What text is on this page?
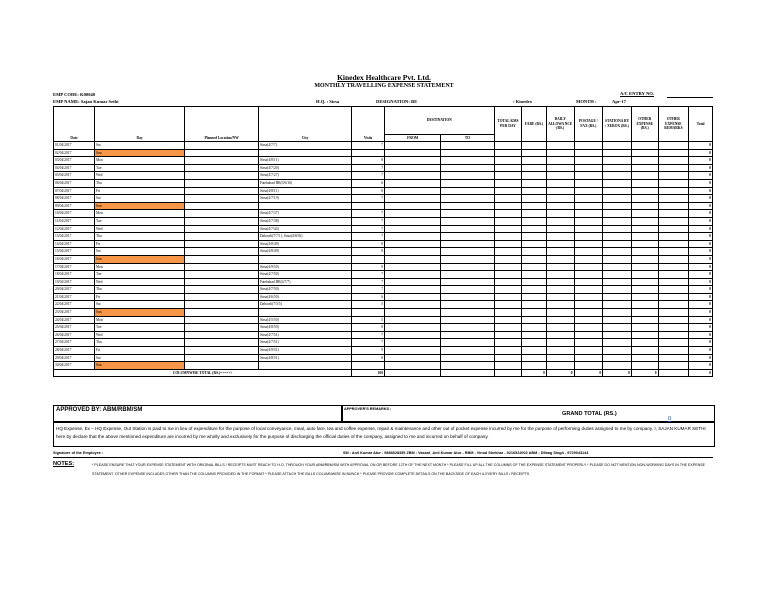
Kinedex Healthcare Pvt. Ltd.
MONTHLY TRAVELLING EXPENSE STATEMENT
EMP CODE: K00040
EMP NAME: Sajan Kumar Sethi
A/C ENTRY NO.
H.Q. : Sirsa	DESIGNATION: BE	: Kinedex	MONTH :	Apr-17
Date	Day	Planned Location/NW	City	Visits	DESTINATION		TOTAL KMS PER DAY	FARE (RS.)	DAILY ALLOWA NCE (RS.)	POSTAGE / FAX (RS.)	STATIONA RY / XEROX (RS.)	OTHER EXPENSE (RS.)	OTHER EXPENSE REMARKS	Total
					FROM	TO								
01/04/2017	Sat		Sirsa(4/7/7)	7										0
02/04/2017	Sun													0
03/04/2017	Mon		Sirsa(4/8/11)	8										0
04/04/2017	Tue		Sirsa(4/7/20)	7										0
05/04/2017	Wed		Sirsa(4/7/27)	7										0
06/04/2017	Thu		Fatehabad HR(3/6/16)	6										0
07/04/2017	Fri		Sirsa(4/8/11)	8										0
08/04/2017	Sat		Sirsa(4/7/19)	7										0
09/04/2017	Sun													0
10/04/2017	Mon		Sirsa(4/7/37)	7										0
11/04/2017	Tue		Sirsa(4/7/38)	7										0
12/04/2017	Wed		Sirsa(4/7/44)	7										0
13/04/2017	Thu		Dabwali(7/7/1), Sirsa(4/8/36)	7										0
14/04/2017	Fri		Sirsa(4/8/49)	8										0
15/04/2017	Sat		Sirsa(4/8/49)	8										0
16/04/2017	Sun													0
17/04/2017	Mon		Sirsa(4/9/50)	9										0
18/04/2017	Tue		Sirsa(4/7/50)	7										0
19/04/2017	Wed		Fatehabad HR(4/7/7)	7										0
20/04/2017	Thu		Sirsa(4/7/50)	7										0
21/04/2017	Fri		Sirsa(4/6/50)	6										0
22/04/2017	Sat		Dabwali(7/5/5)	5										0
23/04/2017	Sun													0
24/04/2017	Mon		Sirsa(4/5/50)	5										0
25/04/2017	Tue		Sirsa(4/8/50)	8										0
26/04/2017	Wed		Sirsa(4/7/51)	7										0
27/04/2017	Thu		Sirsa(4/7/51)	7										0
28/04/2017	Fri		Sirsa(4/9/51)	9										0
29/04/2017	Sat		Sirsa(4/8/51)	8										0
30/04/2017	Sun													0
COLUMNWISE TOTAL (RS.)====>>				169				0	0	0	0	0		0
APPROVED BY: ABM/RBM/SM	APPROVER'S REMARKS :
GRAND TOTAL (RS.)
0
HQ Expense, Ex – HQ Expense, Out Station is paid to me in lieu of expenditure for the purpose of local conveyance, meal, auto fare, tea and coffee expense, repair & maintenance and other out of pocket expense incurred by me for the purpose of performing duties assigned to me by company. I, SAJAN KUMAR SETHI here by declare that the above mentioned expenditure are incurred by me wholly and exclusively for the purpose of discharging the official duties of the company, assigned to me and incurred on behalf of company.
Signature of the Employee :	SM : Anil Kumar Atur - 9888028355 ZBM : Vasant_Anil Kumar Atur - RBM : Vinod Shekhar - 9216522002 ABM : Dilbag Singh - 9729043144
NOTES:	* PLEASE ENSURE THAT YOUR EXPENSE STATEMENT WITH ORIGINAL BILLS / RECEIPTS MUST REACH TO H.O. THROUGH YOUR ABM/RBM/SM WITH APPROVAL ON OR BEFORE 12TH OF THE NEXT MONTH * PLEASE FILL UP ALL THE COLUMNS OF THE EXPENSE STATEMENT PROPERLY * PLEASE DO NOT MENTION NON-WORKING DAYS IN THE EXPENSE STATEMENT. OTHER EXPENSE INCLUDES OTHER THAN THE COLUMNS PROVIDED IN THE FORMAT * PLEASE ATTACH THE BILLS COLUMNWISE IN BUNCH * PLEASE PROVIDE COMPLETE DETAILS ON THE BACKSIDE OF EACH & EVERY BILLS / RECEIPTS
